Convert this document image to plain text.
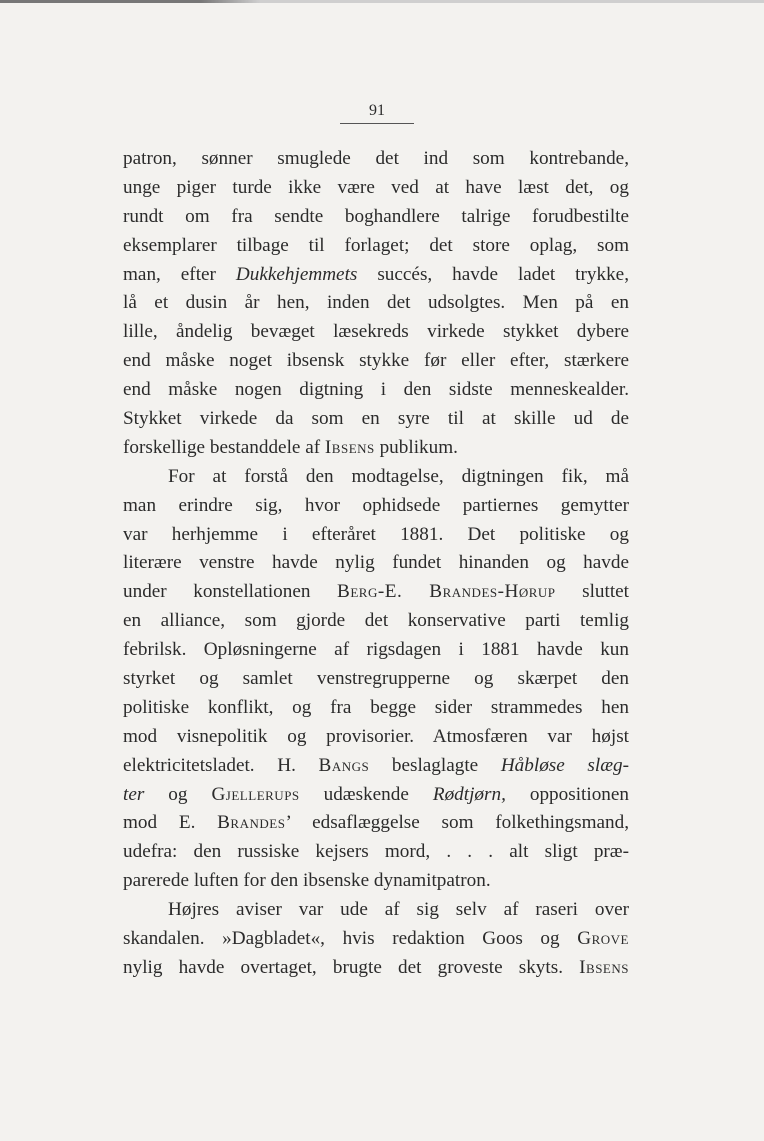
91
patron, sønner smuglede det ind som kontrebande,
unge piger turde ikke være ved at have læst det, og
rundt om fra sendte boghandlere talrige forudbestilte
eksemplarer tilbage til forlaget; det store oplag, som
man, efter Dukkehjemmets succés, havde ladet trykke,
lå et dusin år hen, inden det udsolgtes. Men på en
lille, åndelig bevæget læsekreds virkede stykket dybere
end måske noget ibsensk stykke før eller efter, stærkere
end måske nogen digtning i den sidste menneskealder.
Stykket virkede da som en syre til at skille ud de
forskellige bestanddele af Ibsens publikum.
For at forstå den modtagelse, digtningen fik, må
man erindre sig, hvor ophidsede partiernes gemytter
var herhjemme i efteråret 1881. Det politiske og
literære venstre havde nylig fundet hinanden og havde
under konstellationen Berg-E. Brandes-Hørup sluttet
en alliance, som gjorde det konservative parti temlig
febrilsk. Opløsningerne af rigsdagen i 1881 havde kun
styrket og samlet venstregrupperne og skærpet den
politiske konflikt, og fra begge sider strammedes hen
mod visnepolitik og provisorier. Atmosfæren var højst
elektricitetsladet. H. Bangs beslaglagte Håbløse slæg-
ter og Gjellerups udæskende Rødtjørn, oppositionen
mod E. Brandes’ edsaflæggelse som folkethingsmand,
udefra: den russiske kejsers mord, . . . alt sligt præ-
parerede luften for den ibsenske dynamitpatron.
Højres aviser var ude af sig selv af raseri over
skandalen. »Dagbladet«, hvis redaktion Goos og Grove
nylig havde overtaget, brugte det groveste skyts. Ibsens
